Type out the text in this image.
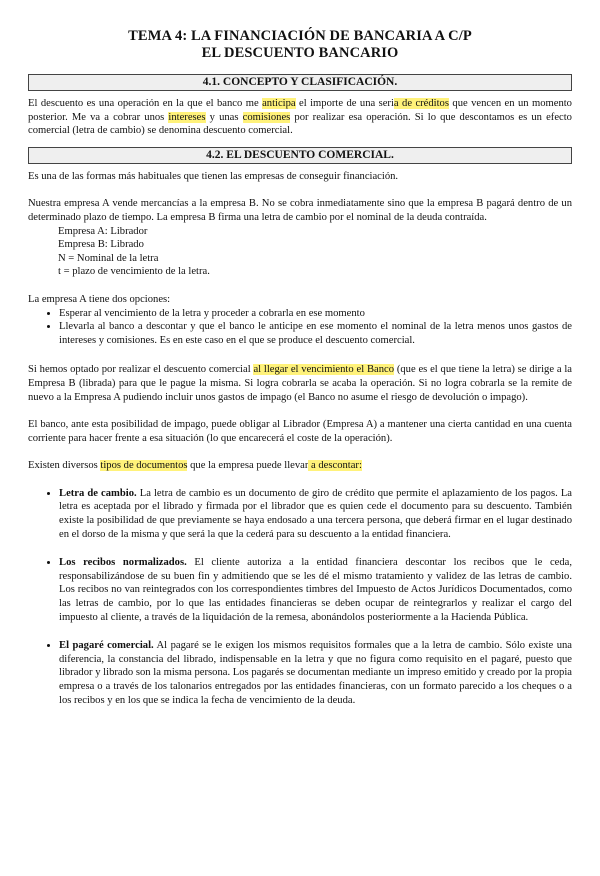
TEMA 4: LA FINANCIACIÓN DE BANCARIA A C/P
EL DESCUENTO BANCARIO
4.1. CONCEPTO Y CLASIFICACIÓN.

El descuento es una operación en la que el banco me anticipa el importe de una seria de créditos que vencen en un momento posterior. Me va a cobrar unos intereses y unas comisiones por realizar esa operación. Si lo que descontamos es un efecto comercial (letra de cambio) se denomina descuento comercial.

4.2. EL DESCUENTO COMERCIAL.

Es una de las formas más habituales que tienen las empresas de conseguir financiación.

Nuestra empresa A vende mercancías a la empresa B. No se cobra inmediatamente sino que la empresa B pagará dentro de un determinado plazo de tiempo. La empresa B firma una letra de cambio por el nominal de la deuda contraída.

Empresa A: Librador
Empresa B: Librado
N = Nominal de la letra
t = plazo de vencimiento de la letra.

La empresa A tiene dos opciones:

• Esperar al vencimiento de la letra y proceder a cobrarla en ese momento
• Llevarla al banco a descontar y que el banco le anticipe en ese momento el nominal de la letra menos unos gastos de intereses y comisiones. Es en este caso en el que se produce el descuento comercial.

Si hemos optado por realizar el descuento comercial al llegar el vencimiento el Banco (que es el que tiene la letra) se dirige a la Empresa B (librada) para que le pague la misma. Si logra cobrarla se acaba la operación. Si no logra cobrarla se la remite de nuevo a la Empresa A pudiendo incluir unos gastos de impago (el Banco no asume el riesgo de devolución o impago).

El banco, ante esta posibilidad de impago, puede obligar al Librador (Empresa A) a mantener una cierta cantidad en una cuenta corriente para hacer frente a esa situación (lo que encarecerá el coste de la operación).

Existen diversos tipos de documentos que la empresa puede llevar a descontar:

• Letra de cambio. La letra de cambio es un documento de giro de crédito que permite el aplazamiento de los pagos. La letra es aceptada por el librado y firmada por el librador que es quien cede el documento para su descuento. También existe la posibilidad de que previamente se haya endosado a una tercera persona, que deberá firmar en el lugar destinado en el dorso de la misma y que será la que la cederá para su descuento a la entidad financiera.
• Los recibos normalizados. El cliente autoriza a la entidad financiera descontar los recibos que le ceda, responsabilizándose de su buen fin y admitiendo que se les dé el mismo tratamiento y validez de las letras de cambio. Los recibos no van reintegrados con los correspondientes timbres del Impuesto de Actos Jurídicos Documentados, como las letras de cambio, por lo que las entidades financieras se deben ocupar de reintegrarlos y realizar el cargo del impuesto al cliente, a través de la liquidación de la remesa, abonándolos posteriormente a la Hacienda Pública.
• El pagaré comercial. Al pagaré se le exigen los mismos requisitos formales que a la letra de cambio. Sólo existe una diferencia, la constancia del librado, indispensable en la letra y que no figura como requisito en el pagaré, puesto que librador y librado son la misma persona. Los pagarés se documentan mediante un impreso emitido y creado por la propia empresa o a través de los talonarios entregados por las entidades financieras, con un formato parecido a los cheques o a los recibos y en los que se indica la fecha de vencimiento de la deuda.
